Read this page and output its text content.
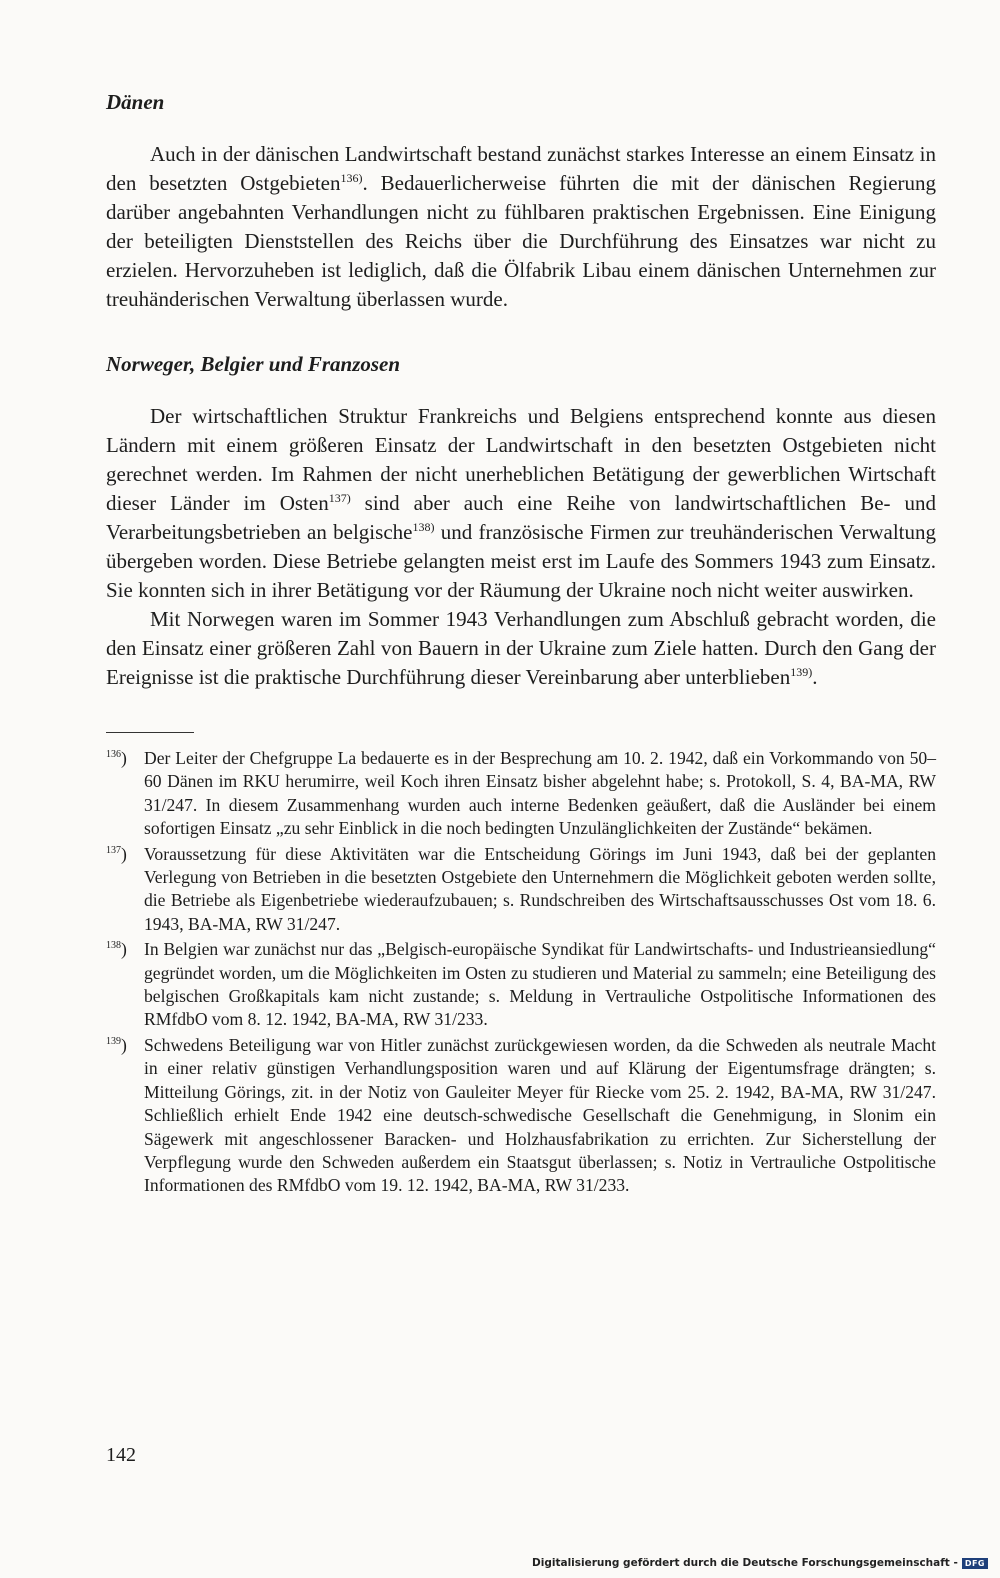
Dänen

Auch in der dänischen Landwirtschaft bestand zunächst starkes Interesse an einem Einsatz in den besetzten Ostgebieten$^{136)}$. Bedauerlicherweise führten die mit der dänischen Regierung darüber angebahnten Verhandlungen nicht zu fühlbaren praktischen Ergebnissen. Eine Einigung der beteiligten Dienststellen des Reichs über die Durchführung des Einsatzes war nicht zu erzielen. Hervorzuheben ist lediglich, daß die Ölfabrik Libau einem dänischen Unternehmen zur treuhänderischen Verwaltung überlassen wurde.

Norweger, Belgier und Franzosen

Der wirtschaftlichen Struktur Frankreichs und Belgiens entsprechend konnte aus diesen Ländern mit einem größeren Einsatz der Landwirtschaft in den besetzten Ostgebieten nicht gerechnet werden. Im Rahmen der nicht unerheblichen Betätigung der gewerblichen Wirtschaft dieser Länder im Osten$^{137)}$ sind aber auch eine Reihe von landwirtschaftlichen Be- und Verarbeitungsbetrieben an belgische$^{138)}$ und französische Firmen zur treuhänderischen Verwaltung übergeben worden. Diese Betriebe gelangten meist erst im Laufe des Sommers 1943 zum Einsatz. Sie konnten sich in ihrer Betätigung vor der Räumung der Ukraine noch nicht weiter auswirken.

Mit Norwegen waren im Sommer 1943 Verhandlungen zum Abschluß gebracht worden, die den Einsatz einer größeren Zahl von Bauern in der Ukraine zum Ziele hatten. Durch den Gang der Ereignisse ist die praktische Durchführung dieser Vereinbarung aber unterblieben$^{139)}$.

$^{136}$) Der Leiter der Chefgruppe La bedauerte es in der Besprechung am 10. 2. 1942, daß ein Vorkommando von 50–60 Dänen im RKU herumirre, weil Koch ihren Einsatz bisher abgelehnt habe; s. Protokoll, S. 4, BA-MA, RW 31/247. In diesem Zusammenhang wurden auch interne Bedenken geäußert, daß die Ausländer bei einem sofortigen Einsatz „zu sehr Einblick in die noch bedingten Unzulänglichkeiten der Zustände“ bekämen.

$^{137}$) Voraussetzung für diese Aktivitäten war die Entscheidung Görings im Juni 1943, daß bei der geplanten Verlegung von Betrieben in die besetzten Ostgebiete den Unternehmern die Möglichkeit geboten werden sollte, die Betriebe als Eigenbetriebe wiederaufzubauen; s. Rundschreiben des Wirtschaftsausschusses Ost vom 18. 6. 1943, BA-MA, RW 31/247.

$^{138}$) In Belgien war zunächst nur das „Belgisch-europäische Syndikat für Landwirtschafts- und Industrieansiedlung“ gegründet worden, um die Möglichkeiten im Osten zu studieren und Material zu sammeln; eine Beteiligung des belgischen Großkapitals kam nicht zustande; s. Meldung in Vertrauliche Ostpolitische Informationen des RMfdbO vom 8. 12. 1942, BA-MA, RW 31/233.

$^{139}$) Schwedens Beteiligung war von Hitler zunächst zurückgewiesen worden, da die Schweden als neutrale Macht in einer relativ günstigen Verhandlungsposition waren und auf Klärung der Eigentumsfrage drängten; s. Mitteilung Görings, zit. in der Notiz von Gauleiter Meyer für Riecke vom 25. 2. 1942, BA-MA, RW 31/247. Schließlich erhielt Ende 1942 eine deutsch-schwedische Gesellschaft die Genehmigung, in Slonim ein Sägewerk mit angeschlossener Baracken- und Holzhausfabrikation zu errichten. Zur Sicherstellung der Verpflegung wurde den Schweden außerdem ein Staatsgut überlassen; s. Notiz in Vertrauliche Ostpolitische Informationen des RMfdbO vom 19. 12. 1942, BA-MA, RW 31/233.

142
Digitalisierung gefördert durch die Deutsche Forschungsgemeinschaft - DFG
